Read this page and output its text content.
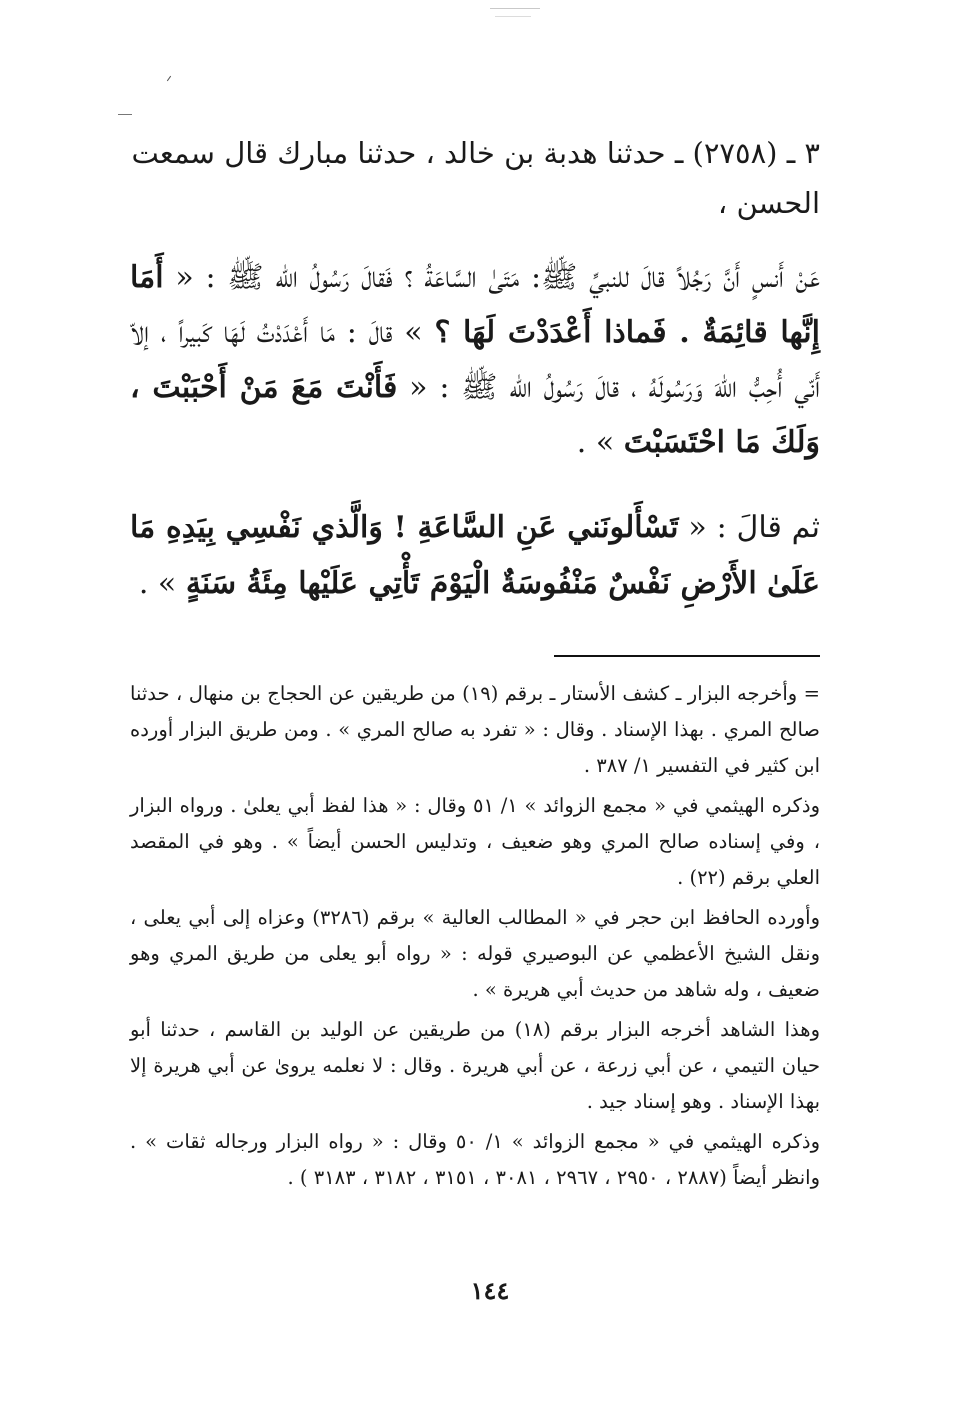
٣ ـ (٢٧٥٨) ـ حدثنا هدبة بن خالد ، حدثنا مبارك قال سمعت الحسن ،

عَنْ أَنسٍ أَنَّ رَجُلاً قالَ للنبيِّ ﷺ: مَتَىٰ السَّاعَةُ ؟ فَقالَ رَسُولُ الله ﷺ : « أَمَا إِنَّها قائِمَةٌ . فَماذا أَعْدَدْتَ لَهَا ؟ » قالَ : مَا أَعْدَدْتُ لَهَا كَبيراً ، إلاّ أَنّي أُحِبُّ اللّهَ وَرَسُولَهُ ، قالَ رَسُولُ الله ﷺ : « فَأَنْتَ مَعَ مَنْ أَحْبَبْتَ ، وَلَكَ مَا احْتَسَبْتَ » .

ثم قالَ : « تَسْأَلونَني عَنِ السَّاعَةِ ! وَالَّذي نَفْسِي بِيَدِهِ مَا عَلَىٰ الأَرْضِ نَفْسٌ مَنْفُوسَةٌ الْيَوْمَ تَأْتِي عَلَيْها مِئَةُ سَنَةٍ » .

= وأخرجه البزار ـ كشف الأستار ـ برقم (١٩) من طريقين عن الحجاج بن منهال ، حدثنا صالح المري . بهذا الإسناد . وقال : « تفرد به صالح المري » . ومن طريق البزار أورده ابن كثير في التفسير ١/ ٣٨٧ .

وذكره الهيثمي في « مجمع الزوائد » ١/ ٥١ وقال : « هذا لفظ أبي يعلىٰ . ورواه البزار ، وفي إسناده صالح المري وهو ضعيف ، وتدليس الحسن أيضاً » . وهو في المقصد العلي برقم (٢٢) .

وأورده الحافظ ابن حجر في « المطالب العالية » برقم (٣٢٨٦) وعزاه إلى أبي يعلى ، ونقل الشيخ الأعظمي عن البوصيري قوله : « رواه أبو يعلى من طريق المري وهو ضعيف ، وله شاهد من حديث أبي هريرة » .

وهذا الشاهد أخرجه البزار برقم (١٨) من طريقين عن الوليد بن القاسم ، حدثنا أبو حيان التيمي ، عن أبي زرعة ، عن أبي هريرة . وقال : لا نعلمه يروىٰ عن أبي هريرة إلا بهذا الإسناد . وهو إسناد جيد .

وذكره الهيثمي في « مجمع الزوائد » ١/ ٥٠ وقال : « رواه البزار ورجاله ثقات » . وانظر أيضاً (٢٨٨٧ ، ٢٩٥٠ ، ٢٩٦٧ ، ٣٠٨١ ، ٣١٥١ ، ٣١٨٢ ، ٣١٨٣ ) .

١٤٤
